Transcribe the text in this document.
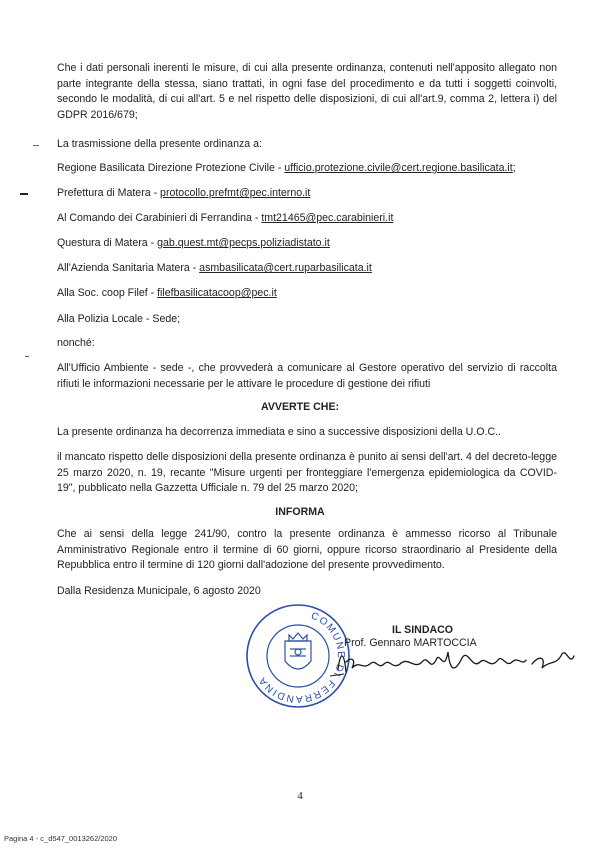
Che i dati personali inerenti le misure, di cui alla presente ordinanza, contenuti nell'apposito allegato non parte integrante della stessa, siano trattati, in ogni fase del procedimento e da tutti i soggetti coinvolti, secondo le modalità, di cui all'art. 5 e nel rispetto delle disposizioni, di cui all'art.9, comma 2, lettera i) del GDPR 2016/679;

La trasmissione della presente ordinanza a:

Regione Basilicata Direzione Protezione Civile - ufficio.protezione.civile@cert.regione.basilicata.it;

Prefettura di Matera - protocollo.prefmt@pec.interno.it

Al Comando dei Carabinieri di Ferrandina - tmt21465@pec.carabinieri.it

Questura di Matera - gab.quest.mt@pecps.poliziadistato.it

All'Azienda Sanitaria Matera - asmbasilicata@cert.ruparbasilicata.it

Alla Soc. coop Filef - filefbasilicatacoop@pec.it

Alla Polizia Locale - Sede;

nonché:

All'Ufficio Ambiente - sede -, che provvederà a comunicare al Gestore operativo del servizio di raccolta rifiuti le informazioni necessarie per le attivare le procedure di gestione dei rifiuti

AVVERTE CHE:

La presente ordinanza ha decorrenza immediata e sino a successive disposizioni della U.O.C..

il mancato rispetto delle disposizioni della presente ordinanza è punito ai sensi dell'art. 4 del decreto-legge 25 marzo 2020, n. 19, recante "Misure urgenti per fronteggiare l'emergenza epidemiologica da COVID-19", pubblicato nella Gazzetta Ufficiale n. 79 del 25 marzo 2020;

INFORMA

Che ai sensi della legge 241/90, contro la presente ordinanza è ammesso ricorso al Tribunale Amministrativo Regionale entro il termine di 60 giorni, oppure ricorso straordinario al Presidente della Repubblica entro il termine di 120 giorni dall'adozione del presente provvedimento.

Dalla Residenza Municipale, 6 agosto 2020

COMUNE DI FERRANDINA
IL SINDACO
Prof. Gennaro MARTOCCIA
4
Pagina 4 - c_d547_0013262/2020
